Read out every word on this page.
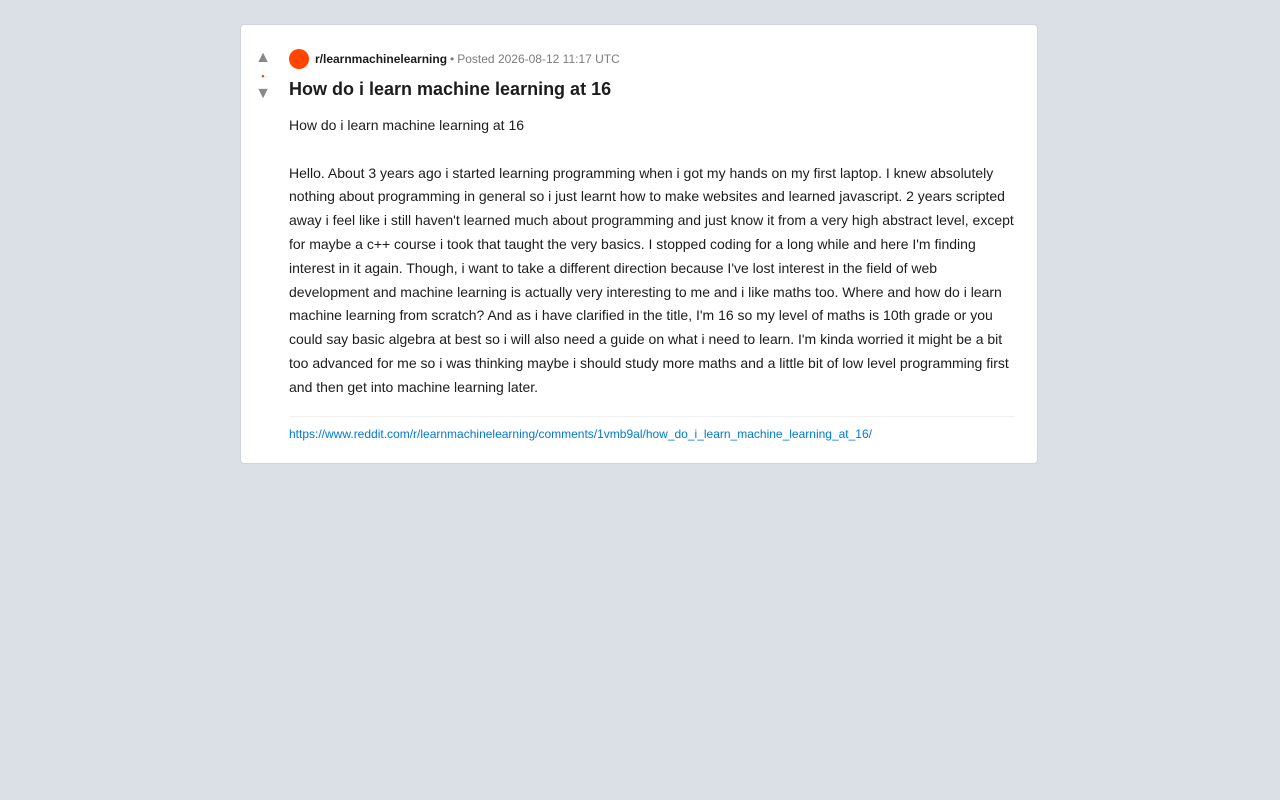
▲
•
▼
r/learnmachinelearning • Posted 2026-08-12 11:17 UTC
How do i learn machine learning at 16

How do i learn machine learning at 16

Hello. About 3 years ago i started learning programming when i got my hands on my first laptop. I knew absolutely nothing about programming in general so i just learnt how to make websites and learned javascript. 2 years scripted away i feel like i still haven't learned much about programming and just know it from a very high abstract level, except for maybe a c++ course i took that taught the very basics. I stopped coding for a long while and here I'm finding interest in it again. Though, i want to take a different direction because I've lost interest in the field of web development and machine learning is actually very interesting to me and i like maths too. Where and how do i learn machine learning from scratch? And as i have clarified in the title, I'm 16 so my level of maths is 10th grade or you could say basic algebra at best so i will also need a guide on what i need to learn. I'm kinda worried it might be a bit too advanced for me so i was thinking maybe i should study more maths and a little bit of low level programming first and then get into machine learning later.

https://www.reddit.com/r/learnmachinelearning/comments/1vmb9al/how_do_i_learn_machine_learning_at_16/
